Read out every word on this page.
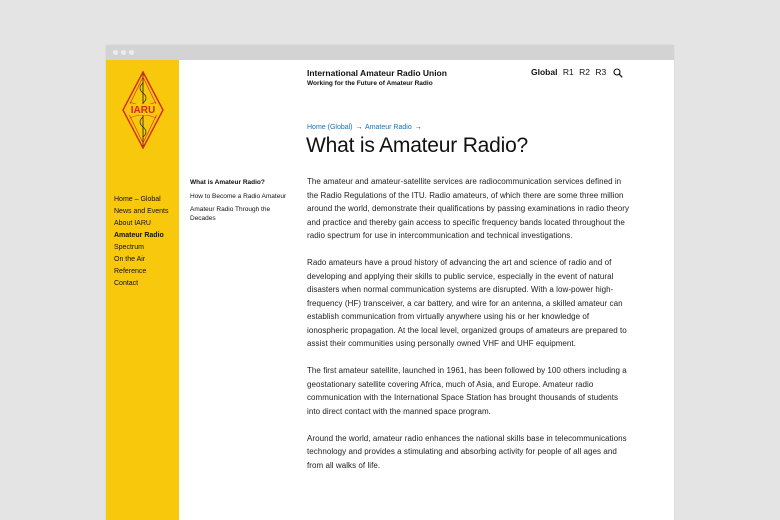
IARU
Home – Global
News and Events
About IARU
Amateur Radio
Spectrum
On the Air
Reference
Contact
International Amateur Radio Union
Working for the Future of Amateur Radio
Global R1 R2 R3
Home (Global) → Amateur Radio →
What is Amateur Radio?
What is Amateur Radio?
How to Become a Radio Amateur
Amateur Radio Through the Decades

The amateur and amateur-satellite services are radiocommunication services defined in the Radio Regulations of the ITU. Radio amateurs, of which there are some three million around the world, demonstrate their qualifications by passing examinations in radio theory and practice and thereby gain access to specific frequency bands located throughout the radio spectrum for use in intercommunication and technical investigations.

Rado amateurs have a proud history of advancing the art and science of radio and of developing and applying their skills to public service, especially in the event of natural disasters when normal communication systems are disrupted. With a low-power high-frequency (HF) transceiver, a car battery, and wire for an antenna, a skilled amateur can establish communication from virtually anywhere using his or her knowledge of ionospheric propagation. At the local level, organized groups of amateurs are prepared to assist their communities using personally owned VHF and UHF equipment.

The first amateur satellite, launched in 1961, has been followed by 100 others including a geostationary satellite covering Africa, much of Asia, and Europe. Amateur radio communication with the International Space Station has brought thousands of students into direct contact with the manned space program.

Around the world, amateur radio enhances the national skills base in telecommunications technology and provides a stimulating and absorbing activity for people of all ages and from all walks of life.
